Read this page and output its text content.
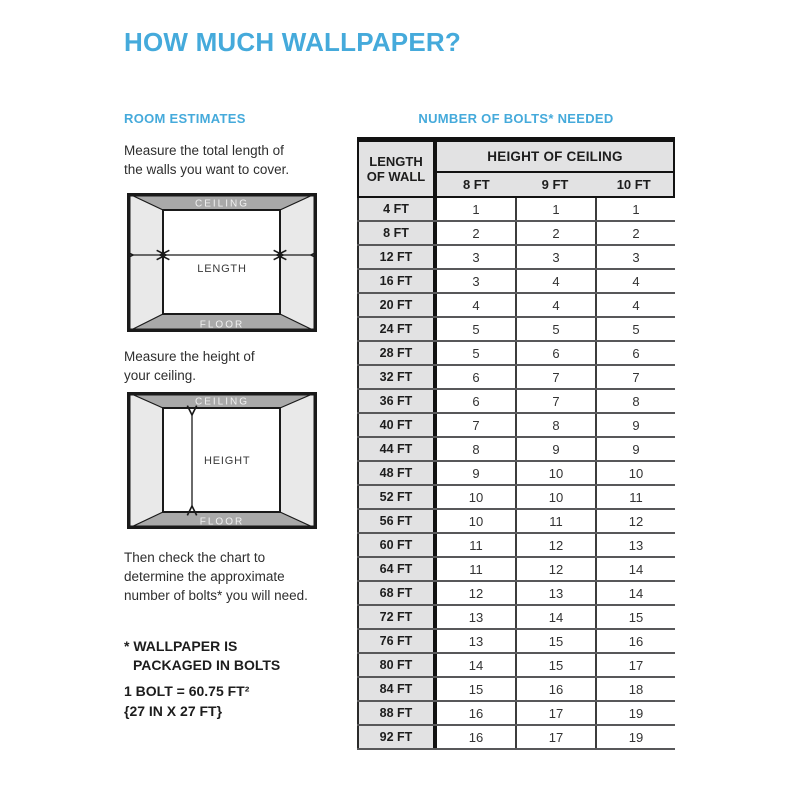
HOW MUCH WALLPAPER?
ROOM ESTIMATES
Measure the total length of
the walls you want to cover.
CEILING
FLOOR
LENGTH
Measure the height of
your ceiling.
CEILING
FLOOR
HEIGHT
Then check the chart to
determine the approximate
number of bolts* you will need.
* WALLPAPER IS
PACKAGED IN BOLTS
1 BOLT = 60.75 FT²
{27 IN X 27 FT}
NUMBER OF BOLTS* NEEDED
LENGTH
OF WALL
HEIGHT OF CEILING
8 FT	9 FT	10 FT
4 FT	1	1	1
8 FT	2	2	2
12 FT	3	3	3
16 FT	3	4	4
20 FT	4	4	4
24 FT	5	5	5
28 FT	5	6	6
32 FT	6	7	7
36 FT	6	7	8
40 FT	7	8	9
44 FT	8	9	9
48 FT	9	10	10
52 FT	10	10	11
56 FT	10	11	12
60 FT	11	12	13
64 FT	11	12	14
68 FT	12	13	14
72 FT	13	14	15
76 FT	13	15	16
80 FT	14	15	17
84 FT	15	16	18
88 FT	16	17	19
92 FT	16	17	19
